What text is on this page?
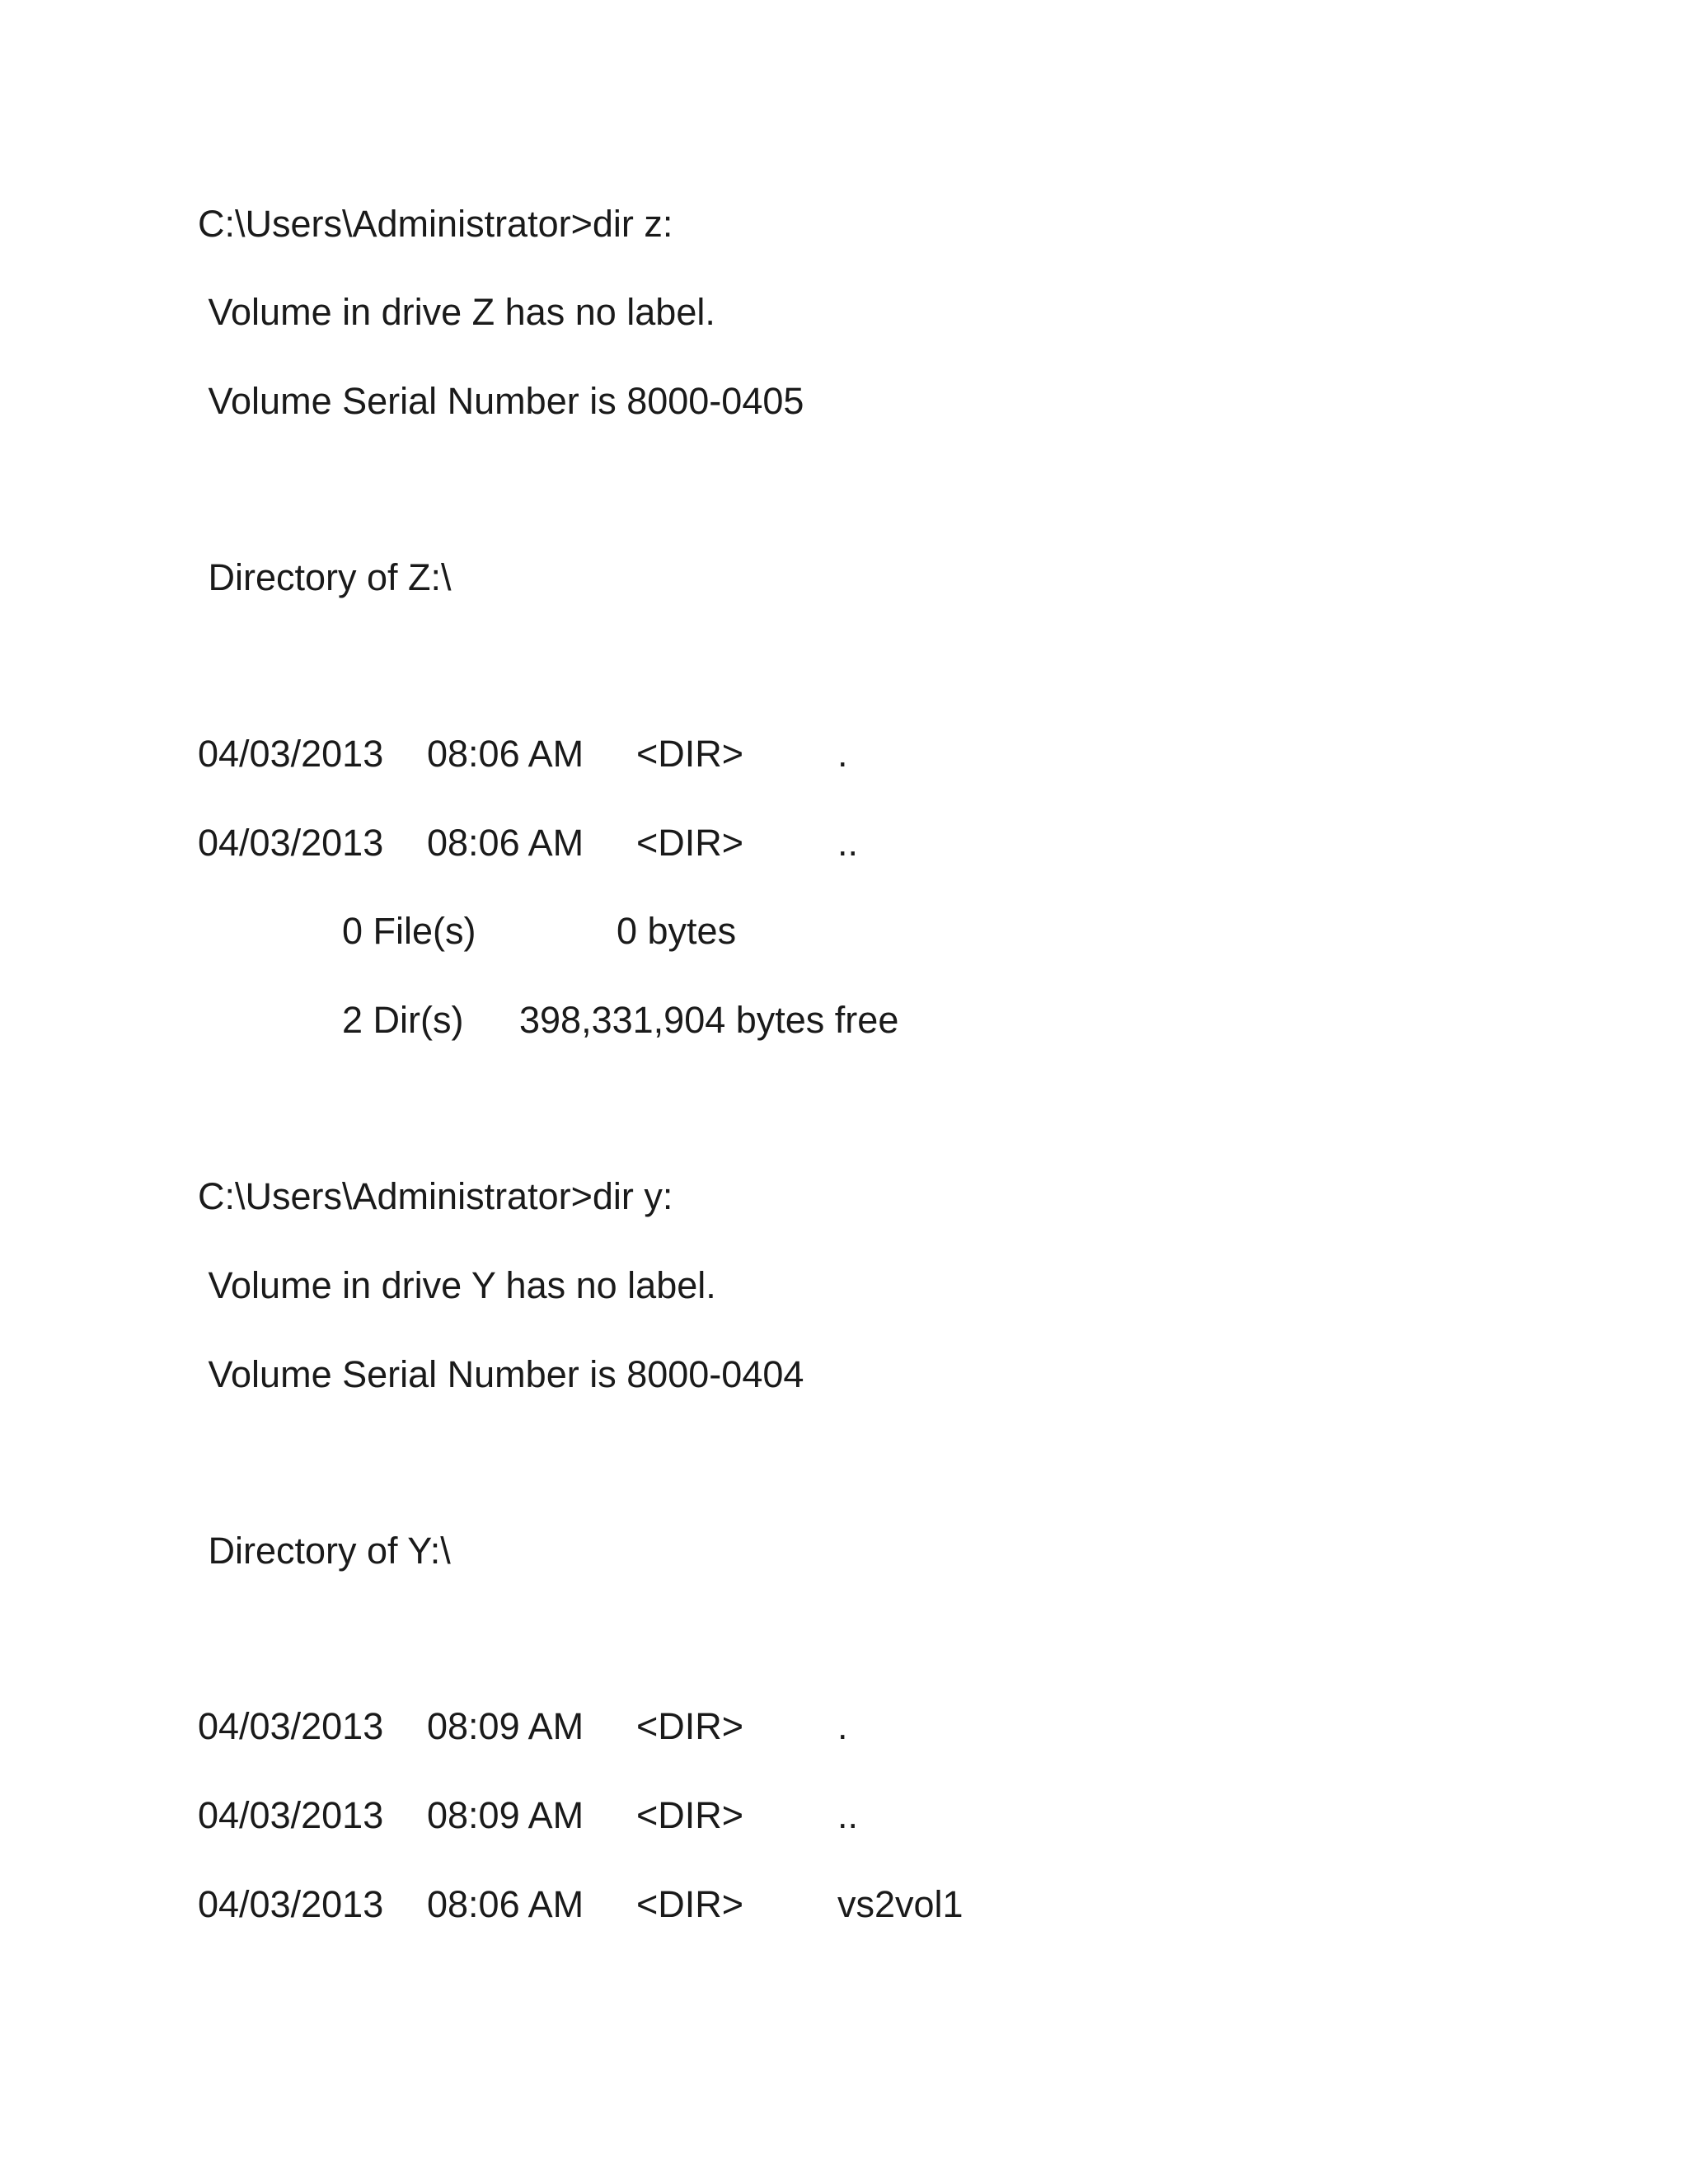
C:\Users\Administrator>dir z:
Volume in drive Z has no label.
Volume Serial Number is 8000-0405
Directory of Z:\
04/03/2013 08:06 AM <DIR>	.
04/03/2013 08:06 AM <DIR>	..
0 File(s)	0 bytes
2 Dir(s) 398,331,904 bytes free
C:\Users\Administrator>dir y:
Volume in drive Y has no label.
Volume Serial Number is 8000-0404
Directory of Y:\
04/03/2013 08:09 AM <DIR>	.
04/03/2013 08:09 AM <DIR>	..
04/03/2013 08:06 AM <DIR>	vs2vol1
